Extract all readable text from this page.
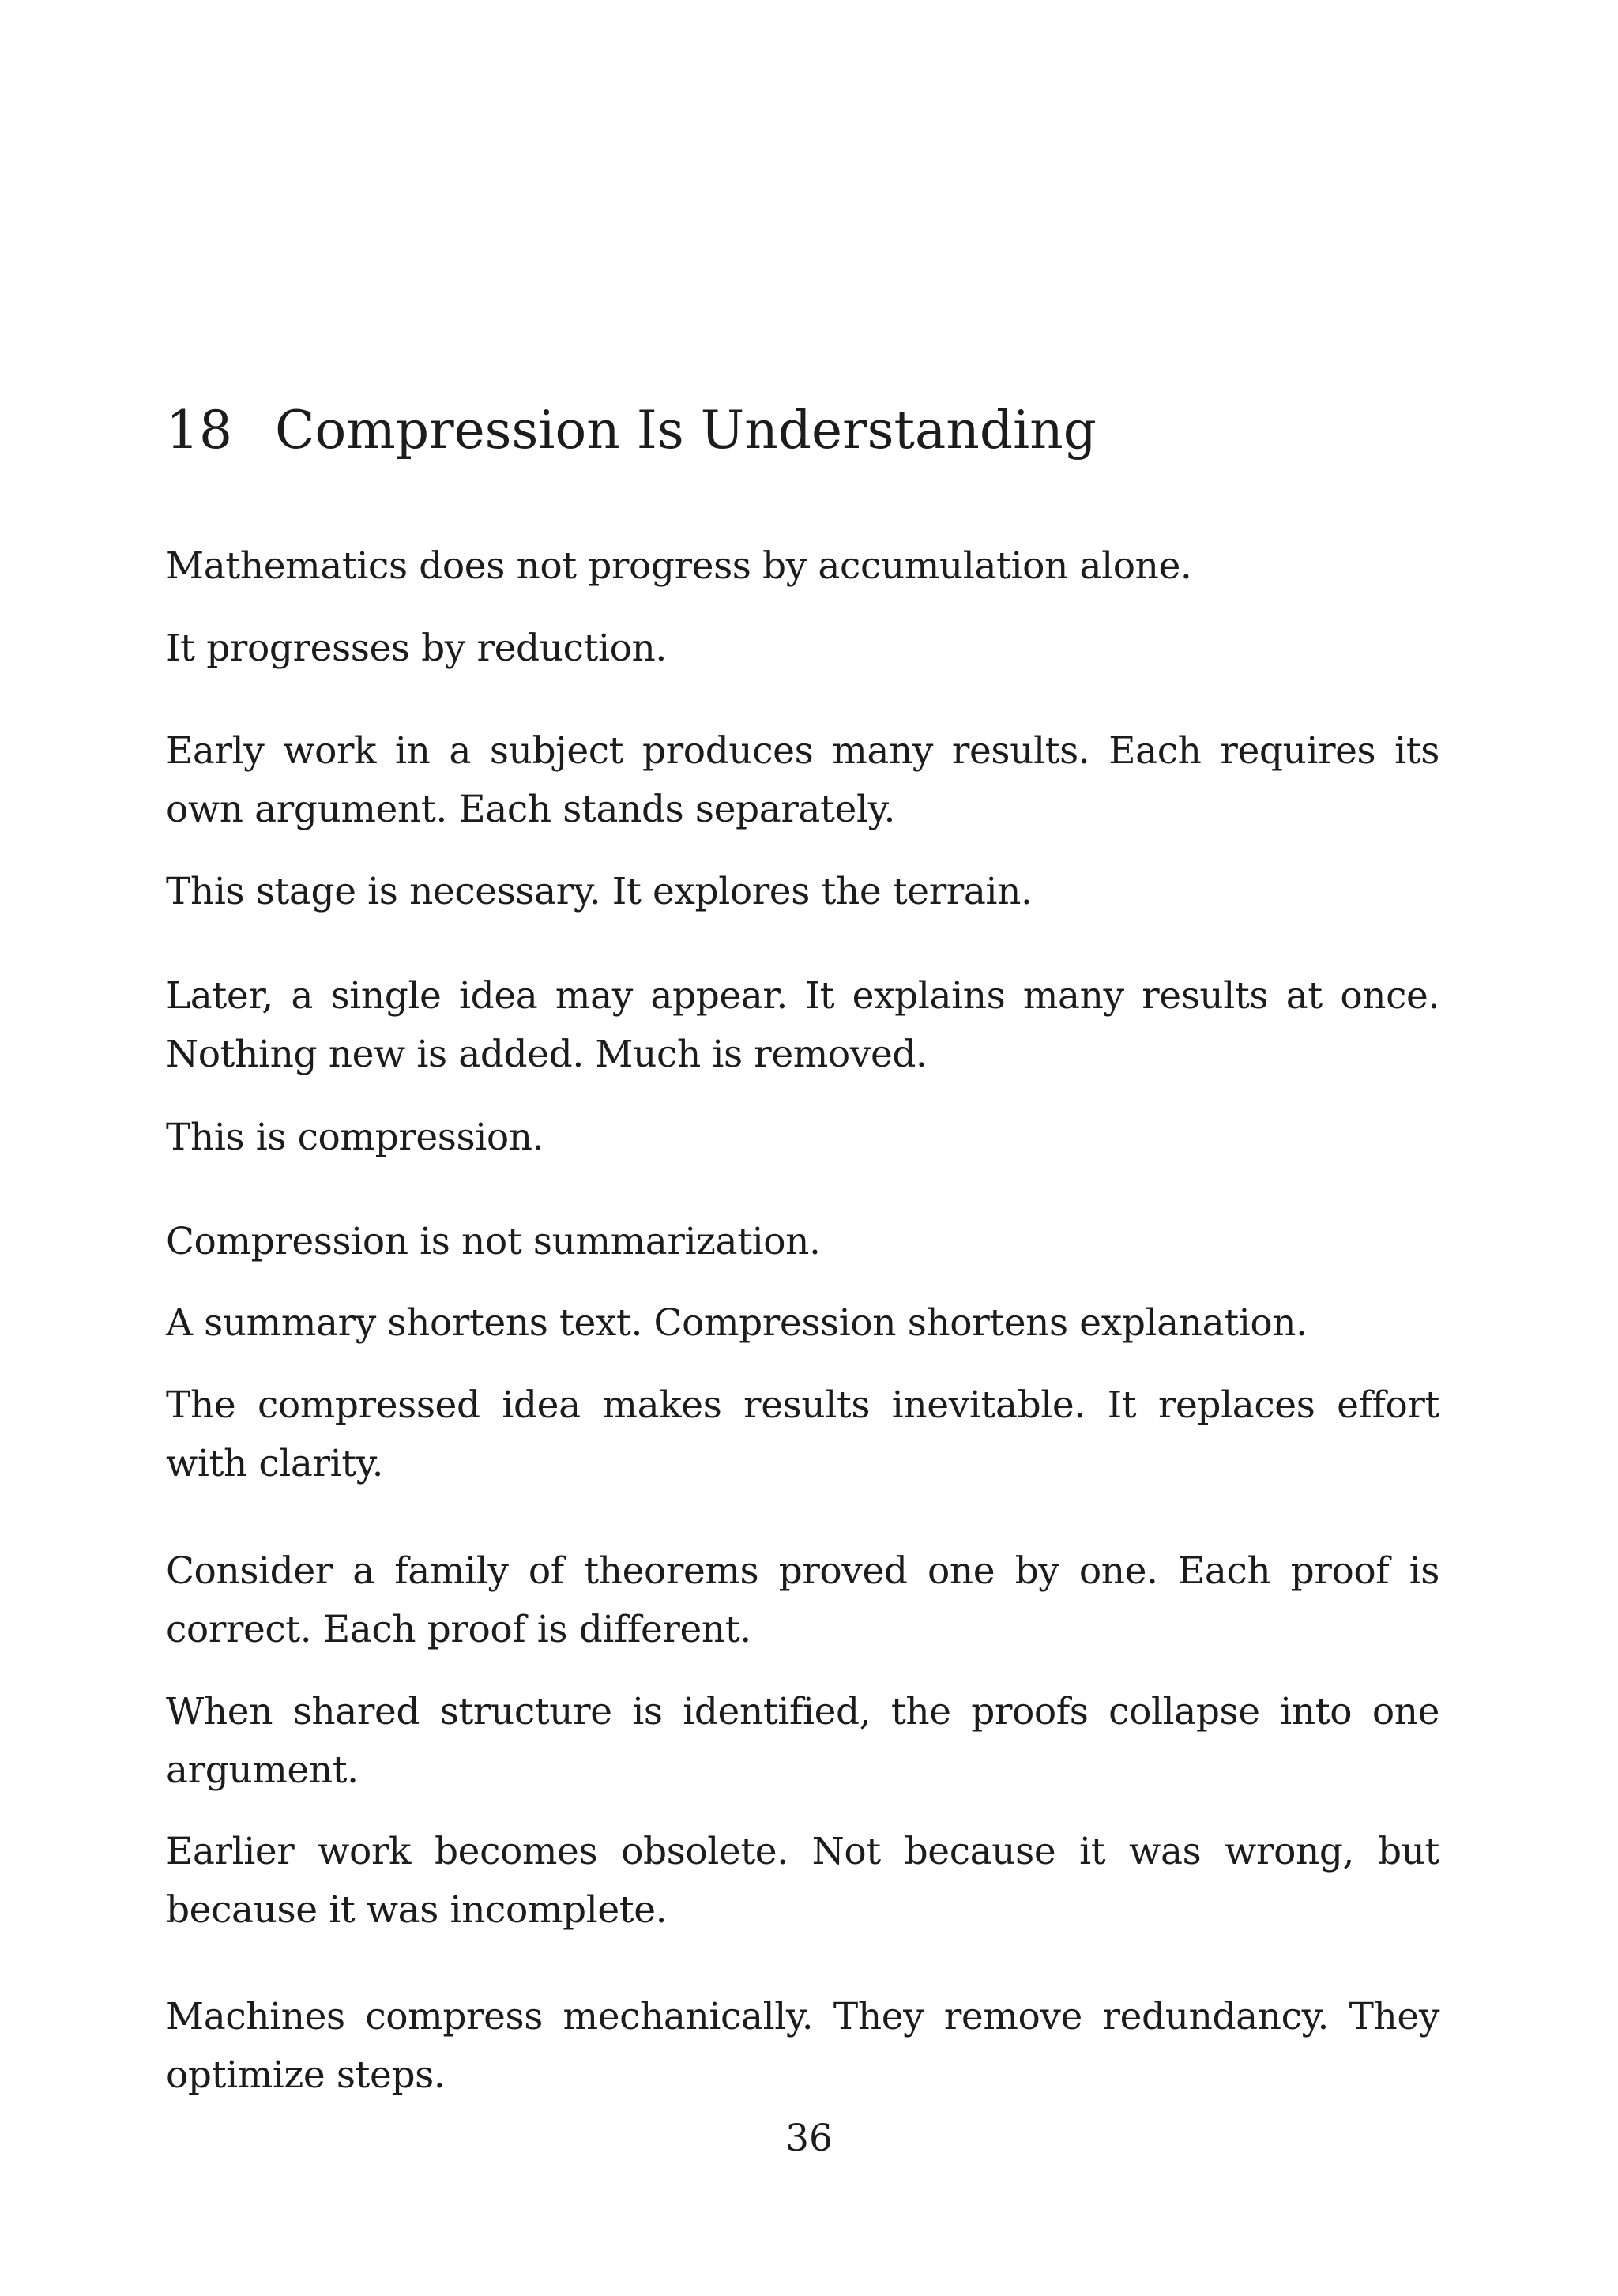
18 Compression Is Understanding

Mathematics does not progress by accumulation alone.

It progresses by reduction.

Early work in a subject produces many results. Each requires its own argument. Each stands separately.

This stage is necessary. It explores the terrain.

Later, a single idea may appear. It explains many results at once. Nothing new is added. Much is removed.

This is compression.

Compression is not summarization.

A summary shortens text. Compression shortens explanation.

The compressed idea makes results inevitable. It replaces effort with clarity.

Consider a family of theorems proved one by one. Each proof is correct. Each proof is different.

When shared structure is identified, the proofs collapse into one argument.

Earlier work becomes obsolete. Not because it was wrong, but because it was incomplete.

Machines compress mechanically. They remove redundancy. They optimize steps.

36
